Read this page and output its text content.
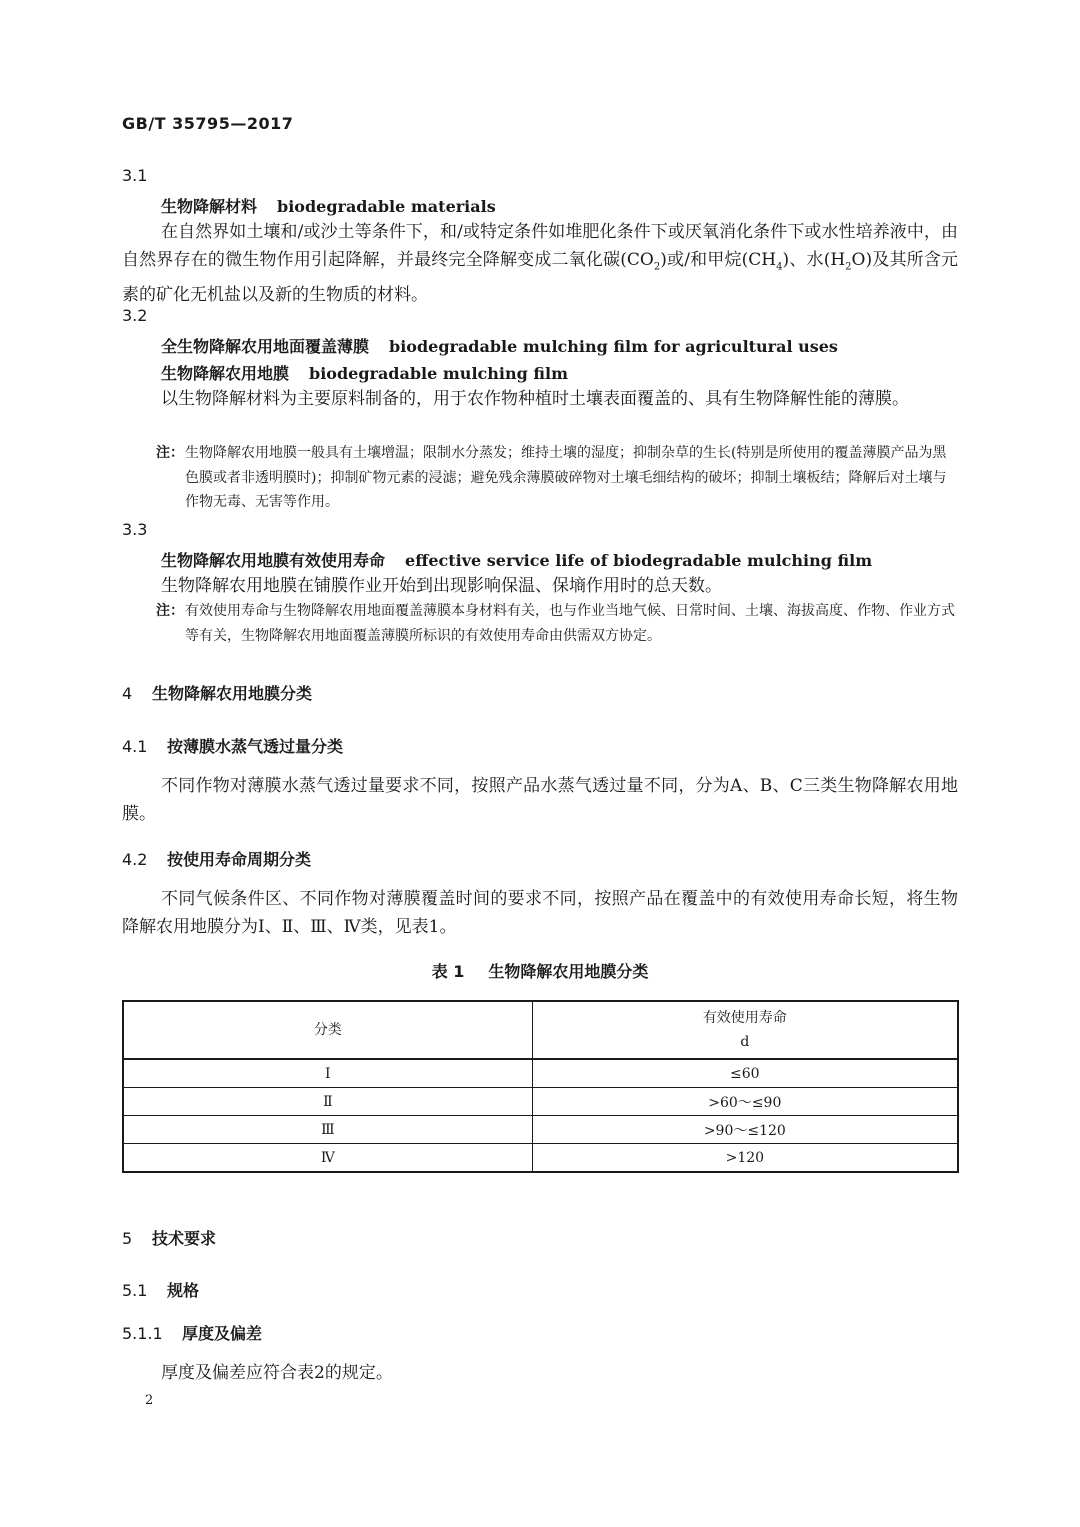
GB/T 35795—2017
3.1
生物降解材料 biodegradable materials
在自然界如土壤和/或沙土等条件下，和/或特定条件如堆肥化条件下或厌氧消化条件下或水性培养液中，由自然界存在的微生物作用引起降解，并最终完全降解变成二氧化碳$(CO_2)$或/和甲烷$(CH_4)$、水$(H_2O)$及其所含元素的矿化无机盐以及新的生物质的材料。
3.2
全生物降解农用地面覆盖薄膜 biodegradable mulching film for agricultural uses
生物降解农用地膜 biodegradable mulching film
以生物降解材料为主要原料制备的，用于农作物种植时土壤表面覆盖的、具有生物降解性能的薄膜。
注： 生物降解农用地膜一般具有土壤增温；限制水分蒸发；维持土壤的湿度；抑制杂草的生长(特别是所使用的覆盖薄膜产品为黑色膜或者非透明膜时)；抑制矿物元素的浸滤；避免残余薄膜破碎物对土壤毛细结构的破坏；抑制土壤板结；降解后对土壤与作物无毒、无害等作用。
3.3
生物降解农用地膜有效使用寿命 effective service life of biodegradable mulching film
生物降解农用地膜在铺膜作业开始到出现影响保温、保墒作用时的总天数。
注： 有效使用寿命与生物降解农用地面覆盖薄膜本身材料有关，也与作业当地气候、日常时间、土壤、海拔高度、作物、作业方式等有关，生物降解农用地面覆盖薄膜所标识的有效使用寿命由供需双方协定。
4 生物降解农用地膜分类
4.1 按薄膜水蒸气透过量分类
不同作物对薄膜水蒸气透过量要求不同，按照产品水蒸气透过量不同，分为A、B、C三类生物降解农用地膜。
4.2 按使用寿命周期分类
不同气候条件区、不同作物对薄膜覆盖时间的要求不同，按照产品在覆盖中的有效使用寿命长短，将生物降解农用地膜分为Ⅰ、Ⅱ、Ⅲ、Ⅳ类，见表1。
表 1 生物降解农用地膜分类
分类	有效使用寿命
d

Ⅰ	≤60
Ⅱ	>60～≤90
Ⅲ	>90～≤120
Ⅳ	>120
5 技术要求
5.1 规格
5.1.1 厚度及偏差
厚度及偏差应符合表2的规定。
2
